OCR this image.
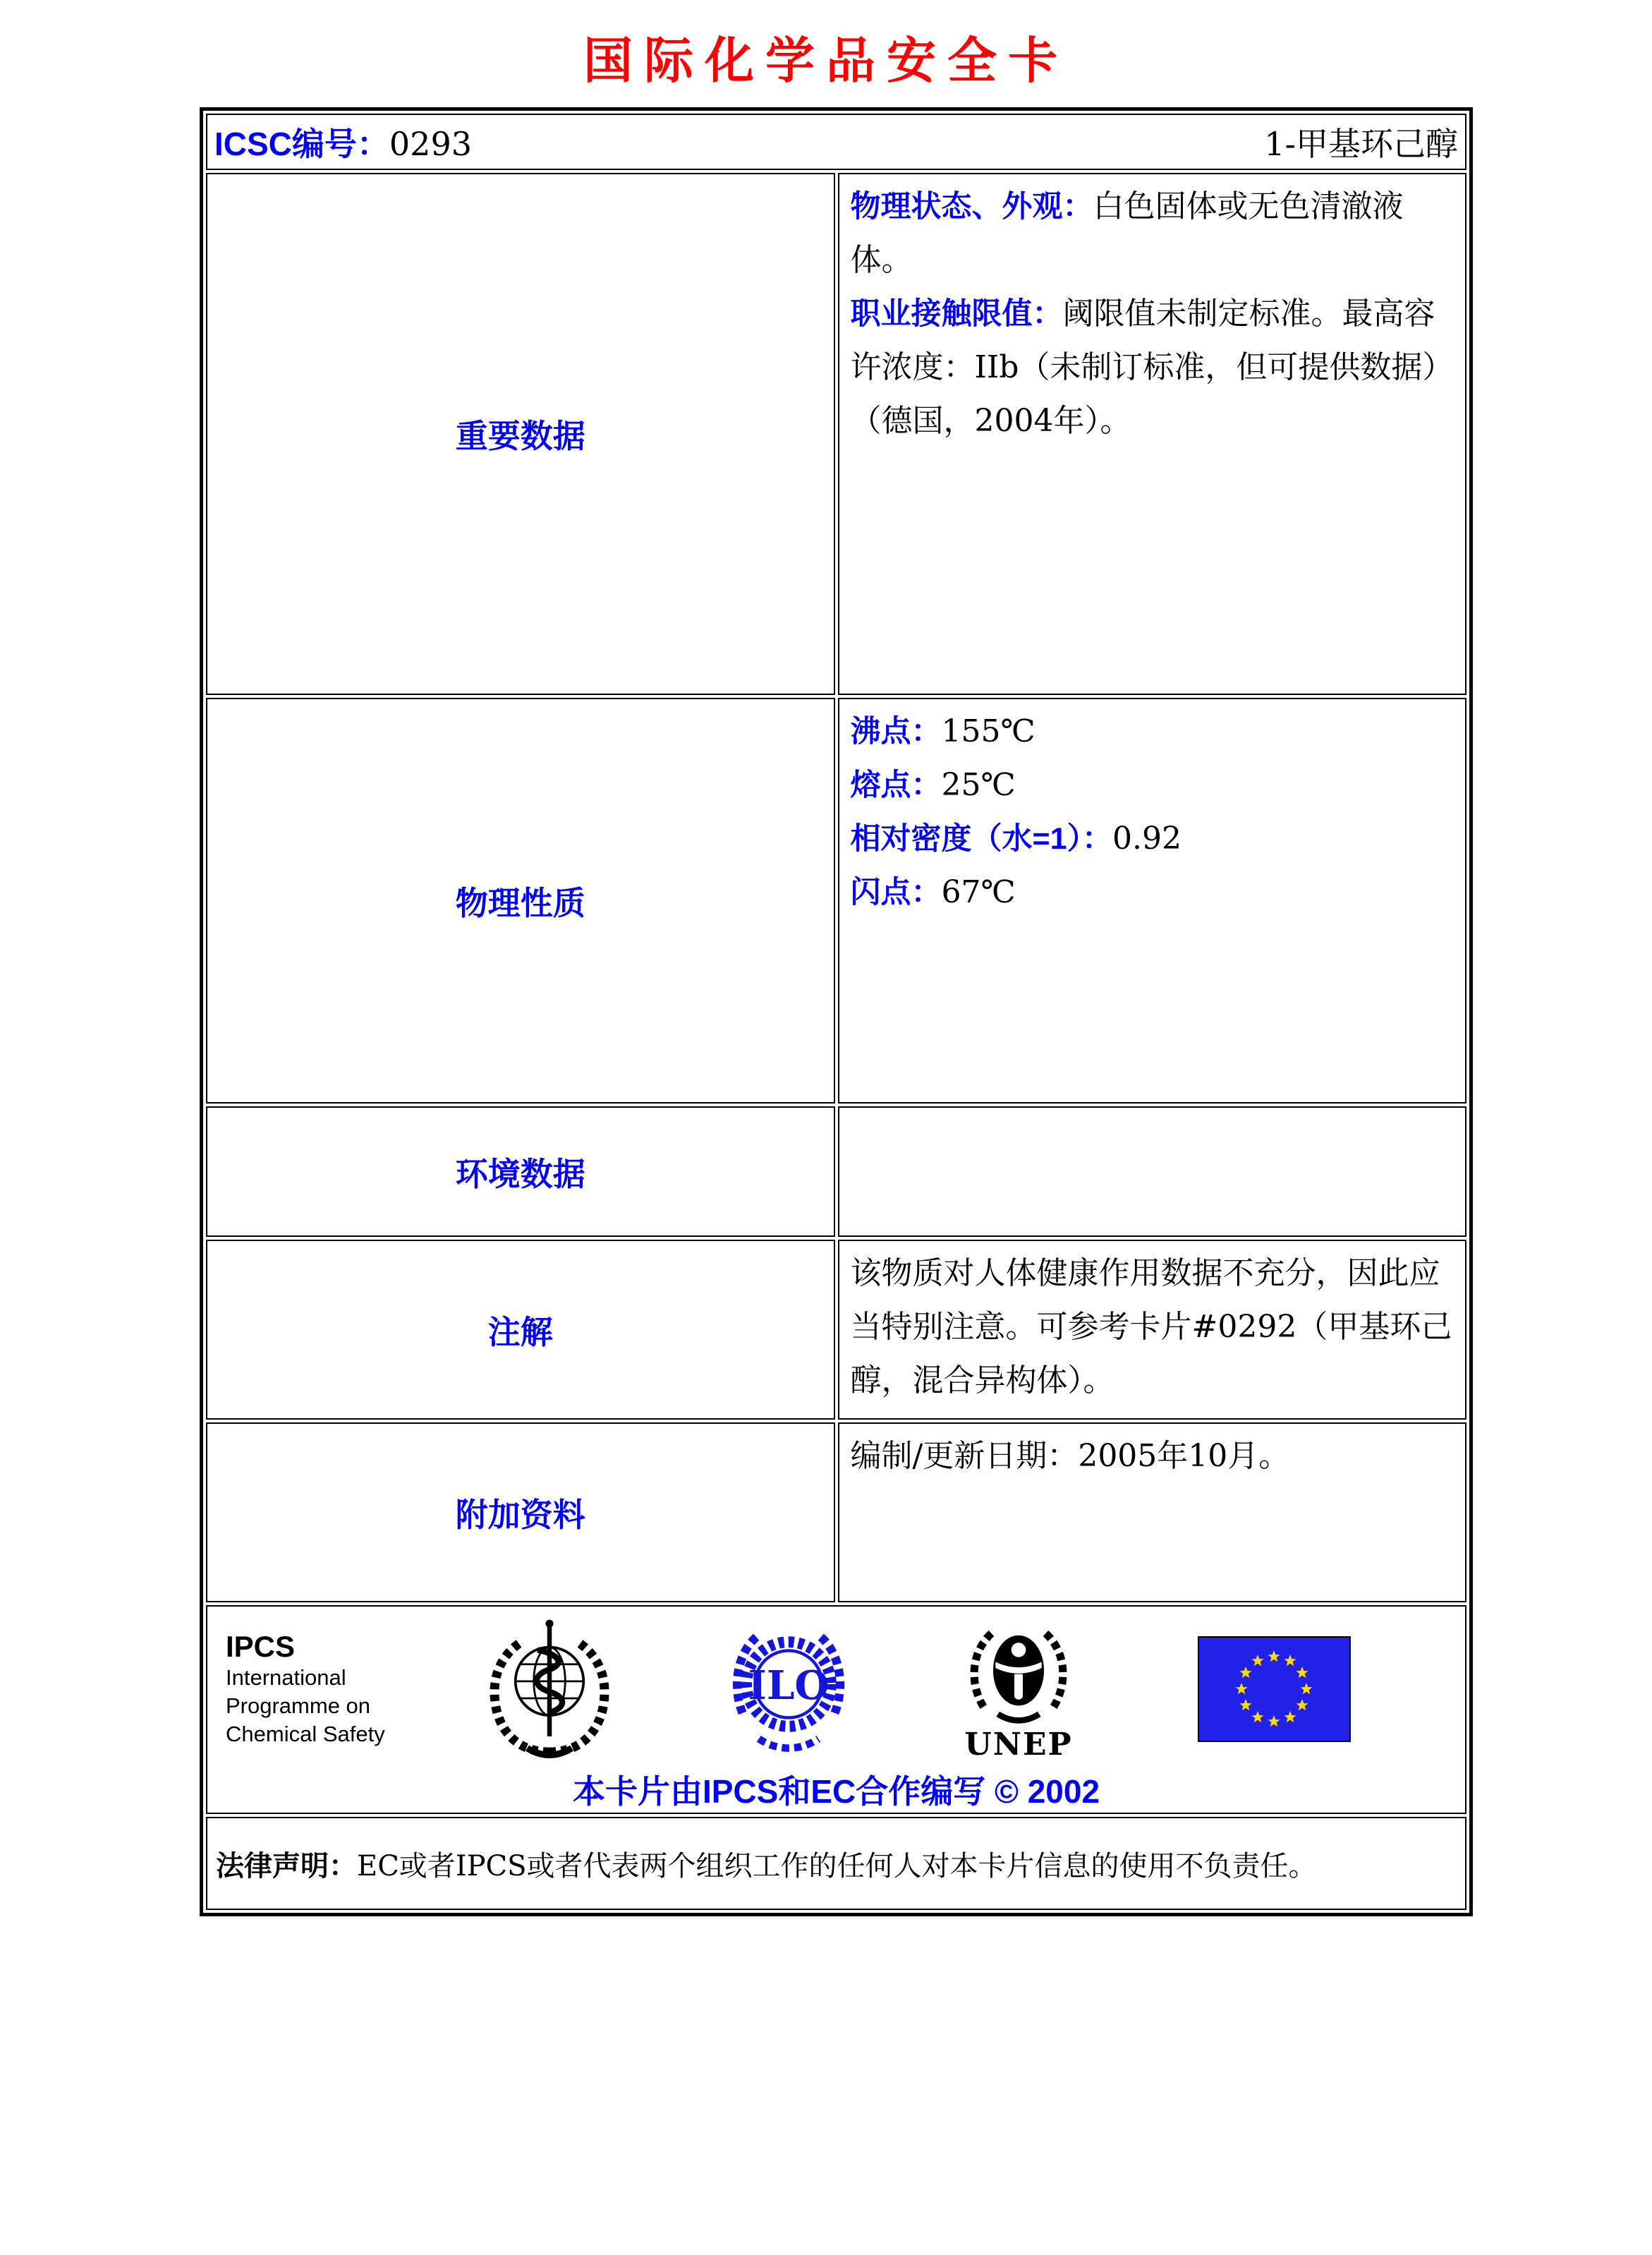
国际化学品安全卡
ICSC编号：0293 1-甲基环己醇	

重要数据	物理状态、外观：白色固体或无色清澈液体。

职业接触限值：阈限值未制定标准。最高容许浓度：IIb（未制订标准，但可提供数据）（德国，2004年）。

物理性质	沸点：155℃

熔点：25℃

相对密度（水=1）：0.92

闪点：67℃

环境数据	
注解	该物质对人体健康作用数据不充分，因此应当特别注意。可参考卡片#0292（甲基环己醇，混合异构体）。

附加资料	编制/更新日期：2005年10月。

IPCS
International
Programme on
Chemical Safety
ILO
UNEP
本卡片由IPCS和EC合作编写 © 2002

法律声明：EC或者IPCS或者代表两个组织工作的任何人对本卡片信息的使用不负责任。	
